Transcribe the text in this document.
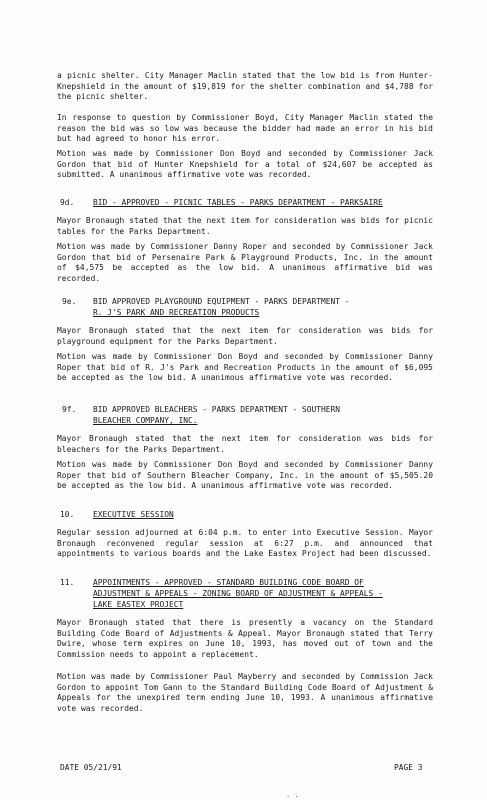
a picnic shelter. City Manager Maclin stated that the low bid is from Hunter-Knepshield in the amount of $19,819 for the shelter combination and $4,788 for the picnic shelter.
In response to question by Commissioner Boyd, City Manager Maclin stated the reason the bid was so low was because the bidder had made an error in his bid but had agreed to honor his error.
Motion was made by Commissioner Don Boyd and seconded by Commissioner Jack Gordon that bid of Hunter Knepshield for a total of $24,607 be accepted as submitted. A unanimous affirmative vote was recorded.
9d. BID - APPROVED - PICNIC TABLES - PARKS DEPARTMENT - PARKSAIRE
Mayor Bronaugh stated that the next item for consideration was bids for picnic tables for the Parks Department.
Motion was made by Commissioner Danny Roper and seconded by Commissioner Jack Gordon that bid of Persenaire Park & Playground Products, Inc. in the amount of $4,575 be accepted as the low bid. A unanimous affirmative bid was recorded.
9e. BID APPROVED PLAYGROUND EQUIPMENT - PARKS DEPARTMENT -
R. J'S PARK AND RECREATION PRODUCTS
Mayor Bronaugh stated that the next item for consideration was bids for playground equipment for the Parks Department.
Motion was made by Commissioner Don Boyd and seconded by Commissioner Danny Roper that bid of R. J's Park and Recreation Products in the amount of $6,095 be accepted as the low bid. A unanimous affirmative vote was recorded.
9f. BID APPROVED BLEACHERS - PARKS DEPARTMENT - SOUTHERN
BLEACHER COMPANY, INC.
Mayor Bronaugh stated that the next item for consideration was bids for bleachers for the Parks Department.
Motion was made by Commissioner Don Boyd and seconded by Commissioner Danny Roper that bid of Southern Bleacher Company, Inc. in the amount of $5,505.20 be accepted as the low bid. A unanimous affirmative vote was recorded.
10. EXECUTIVE SESSION
Regular session adjourned at 6:04 p.m. to enter into Executive Session. Mayor Bronaugh reconvened regular session at 6:27 p.m. and announced that appointments to various boards and the Lake Eastex Project had been discussed.
11. APPOINTMENTS - APPROVED - STANDARD BUILDING CODE BOARD OF
ADJUSTMENT & APPEALS - ZONING BOARD OF ADJUSTMENT & APPEALS -
LAKE EASTEX PROJECT
Mayor Bronaugh stated that there is presently a vacancy on the Standard Building Code Board of Adjustments & Appeal. Mayor Bronaugh stated that Terry Dwire, whose term expires on June 10, 1993, has moved out of town and the Commission needs to appoint a replacement.
Motion was made by Commissioner Paul Mayberry and seconded by Commission Jack Gordon to appoint Tom Gann to the Standard Building Code Board of Adjustment & Appeals for the unexpired term ending June 10, 1993. A unanimous affirmative vote was recorded.
DATE 05/21/91	PAGE 3
. .
